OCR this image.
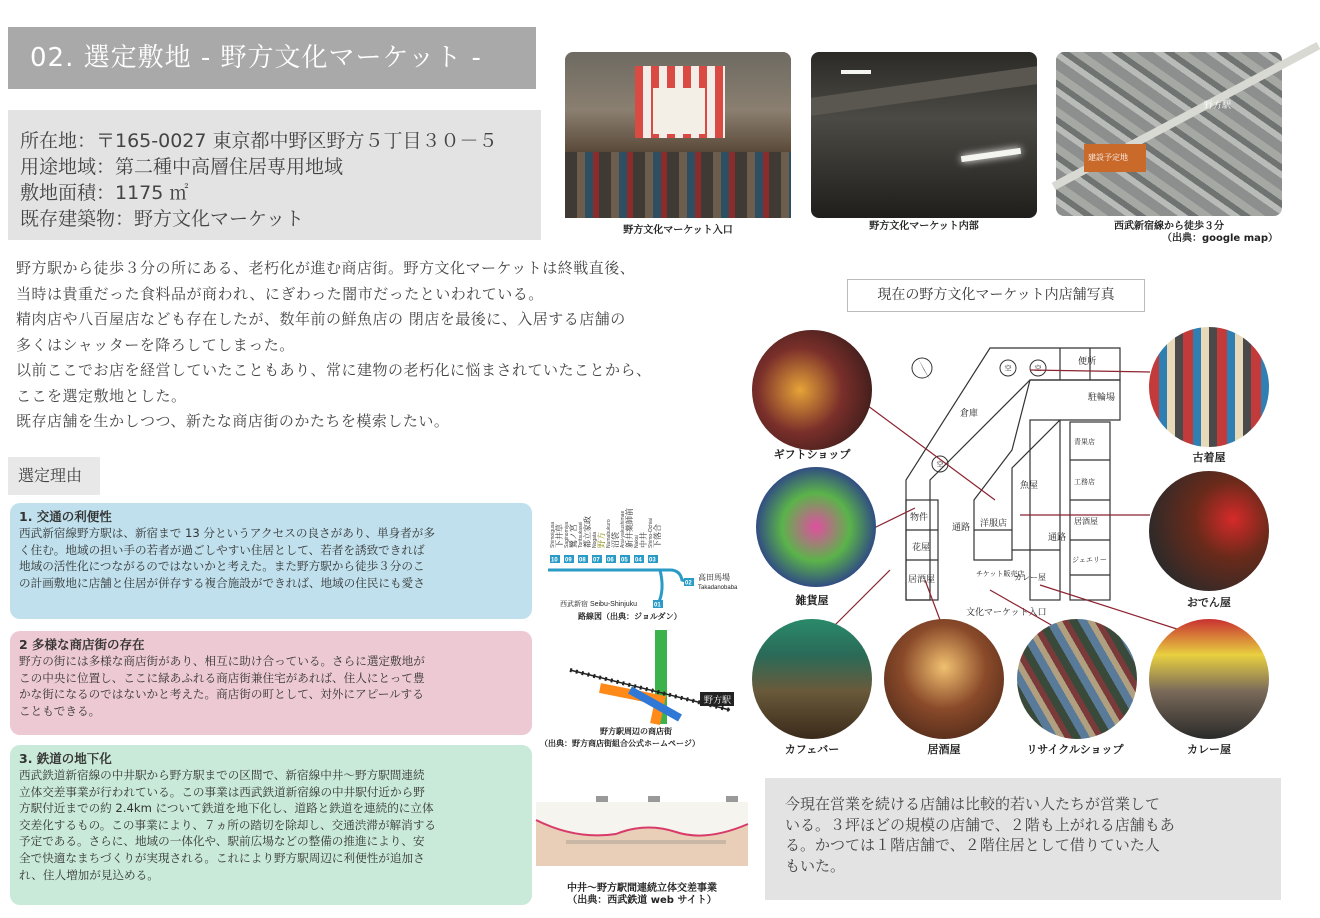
02. 選定敷地 - 野方文化マーケット -
所在地：〒165-0027 東京都中野区野方５丁目３０－５
用途地域：第二種中高層住居専用地域
敷地面積：1175 ㎡
既存建築物：野方文化マーケット
野方駅から徒歩３分の所にある、老朽化が進む商店街。野方文化マーケットは終戦直後、
当時は貴重だった食料品が商われ、にぎわった闇市だったといわれている。
精肉店や八百屋店なども存在したが、数年前の鮮魚店の 閉店を最後に、入居する店舗の
多くはシャッターを降ろしてしまった。
以前ここでお店を経営していたこともあり、常に建物の老朽化に悩まされていたことから、
ここを選定敷地とした。
既存店舗を生かしつつ、新たな商店街のかたちを模索したい。
選定理由
1. 交通の利便性
西武新宿線野方駅は、新宿まで 13 分というアクセスの良さがあり、単身者が多
く住む。地域の担い手の若者が過ごしやすい住居として、若者を誘致できれば
地域の活性化につながるのではないかと考えた。また野方駅から徒歩３分のこ
の計画敷地に店舗と住居が併存する複合施設ができれば、地域の住民にも愛さ
2 多様な商店街の存在
野方の街には多様な商店街があり、相互に助け合っている。さらに選定敷地が
この中央に位置し、ここに緑あふれる商店街兼住宅があれば、住人にとって豊
かな街になるのではないかと考えた。商店街の町として、対外にアピールする
こともできる。
3. 鉄道の地下化
西武鉄道新宿線の中井駅から野方駅までの区間で、新宿線中井～野方駅間連続
立体交差事業が行われている。この事業は西武鉄道新宿線の中井駅付近から野
方駅付近までの約 2.4km について鉄道を地下化し、道路と鉄道を連続的に立体
交差化するもの。この事業により、７ヵ所の踏切を除却し、交通渋滞が解消する
予定である。さらに、地域の一体化や、駅前広場などの整備の推進により、安
全で快適なまちづくりが実現される。これにより野方駅周辺に利便性が追加さ
れ、住人増加が見込める。
野方文化マーケット入口	野方文化マーケット内部
建設予定地
野方駅
西武新宿線から徒歩３分
（出典：google map）
下井草 鷺ノ宮 都立家政 野方 沼袋 新井薬師前 中井 下落合
Shimoigusa Saginomiya Toritsukasei Nogata Numabukuro Arai-yakushimae Nakai Shimo-Ochiai
10 09 08 07 06 05 04 03
02
01
高田馬場
Takadanobaba
西武新宿 Seibu-Shinjuku
路線図（出典：ジョルダン）
野方駅
野方駅周辺の商店街
（出典：野方商店街組合公式ホームページ）
中井～野方駅間連続立体交差事業
（出典：西武鉄道 web サイト）
現在の野方文化マーケット内店舗写真
便所
駐輪場
倉庫
魚屋
通路
通路
物件
花屋
居酒屋
洋服店
チケット販売店
カレー屋
青果店
工務店
居酒屋
ジェエリー
文化マーケット入口
空	空
空
ギフトショップ	古着屋
雑貨屋	おでん屋
カフェバー	居酒屋	リサイクルショップ	カレー屋
今現在営業を続ける店舗は比較的若い人たちが営業して
いる。３坪ほどの規模の店舗で、２階も上がれる店舗もあ
る。かつては１階店舗で、２階住居として借りていた人
もいた。
